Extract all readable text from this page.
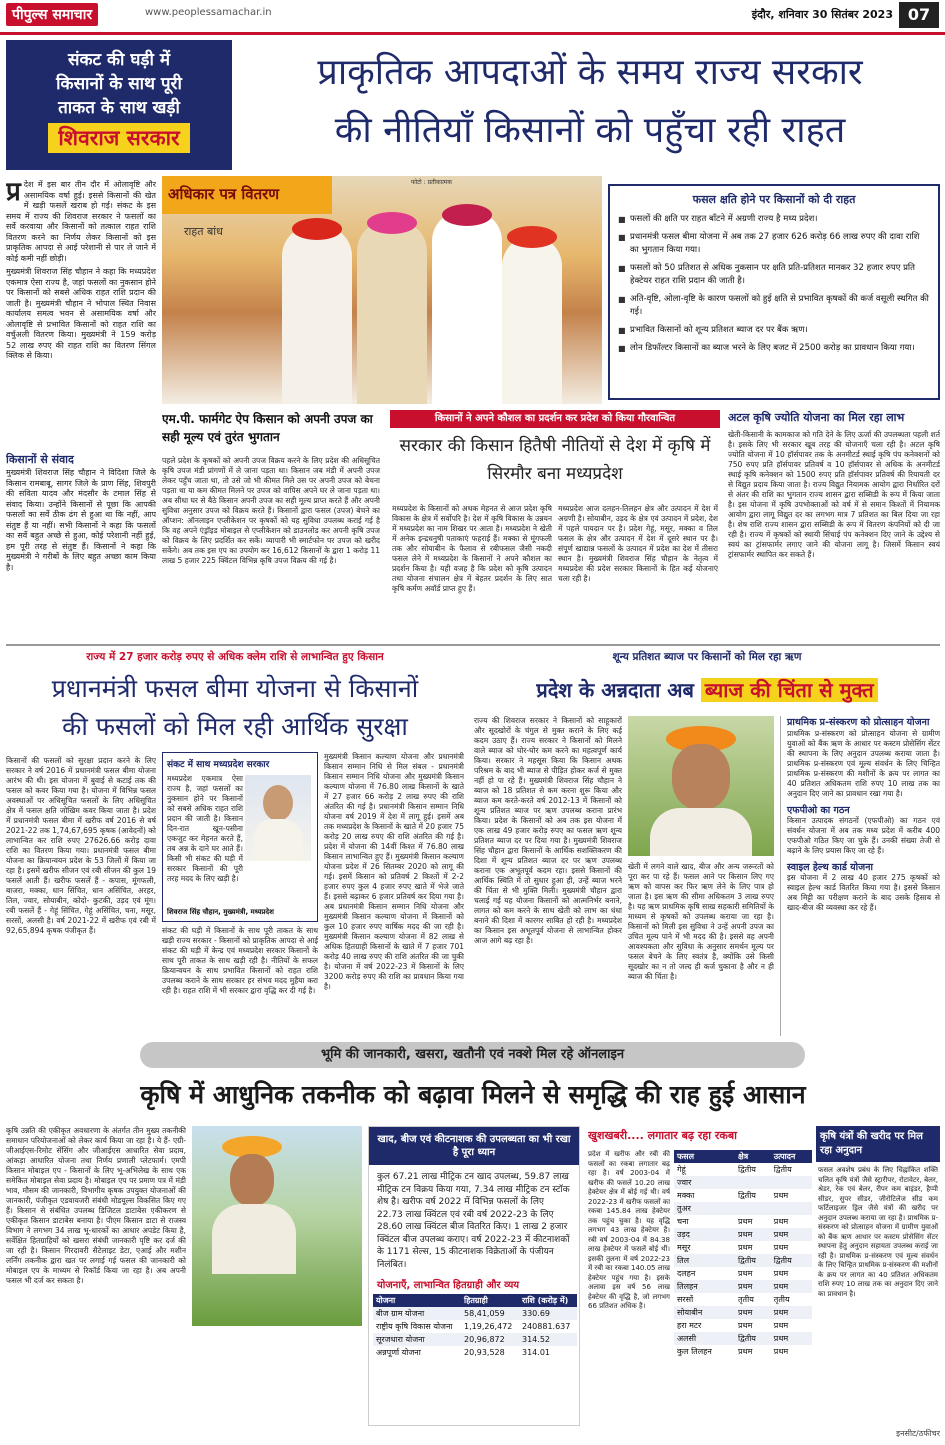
पीपुल्स समाचार	www.peoplessamachar.in	इंदौर, शनिवार 30 सितंबर 2023 07
संकट की घड़ी में
किसानों के साथ पूरी
ताकत के साथ खड़ी
शिवराज सरकार
प्राकृतिक आपदाओं के समय राज्य सरकार
की नीतियाँ किसानों को पहुँचा रही राहत

प्र देश में इस बार तीन दौर में ओलावृष्टि और असामयिक वर्षा हुई। इससे किसानों की खेत में खड़ी फसलें खराब हो गई। संकट के इस समय में राज्य की शिवराज सरकार ने फसलों का सर्वे करवाया और किसानों को तत्काल राहत राशि वितरण करने का निर्णय लेकर किसानों को इस प्राकृतिक आपदा से आई परेशानी से पार ले जाने में कोई कमी नहीं छोड़ी।

मुख्यमंत्री शिवराज सिंह चौहान ने कहा कि मध्यप्रदेश एकमात्र ऐसा राज्य है, जहां फसलों का नुकसान होने पर किसानों को सबसे अधिक राहत राशि प्रदान की जाती है। मुख्यमंत्री चौहान ने भोपाल स्थित निवास कार्यालय समत्व भवन से असामयिक वर्षा और ओलावृष्टि से प्रभावित किसानों को राहत राशि का वर्चुअली वितरण किया। मुख्यमंत्री ने 159 करोड़ 52 लाख रुपए की राहत राशि का वितरण सिंगल क्लिक से किया।

किसानों से संवाद
मुख्यमंत्री शिवराज सिंह चौहान ने विदिशा जिले के किसान रामबाबू, सागर जिले के प्राण सिंह, शिवपुरी की सविता यादव और मंदसौर के टमाल सिंह से संवाद किया। उन्होंने किसानों से पूछा कि आपकी फसलों का सर्वे ठीक ढंग से हुआ था कि नहीं, आप संतुष्ट हैं या नहीं। सभी किसानों ने कहा कि फसलों का सर्वे बहुत अच्छे से हुआ, कोई परेशानी नहीं हुई, हम पूरी तरह से संतुष्ट हैं। किसानों ने कहा कि मुख्यमंत्री ने गरीबों के लिए बहुत अच्छा काम किया है।
अधिकार पत्र वितरण
राहत बांध
फोटो : प्रतीकात्मक
फसल क्षति होने पर किसानों को दी राहत
■ फसलों की क्षति पर राहत बाँटने में अग्रणी राज्य है मध्य प्रदेश।
■ प्रधानमंत्री फसल बीमा योजना में अब तक 27 हजार 626 करोड़ 66 लाख रुपए की दावा राशि का भुगतान किया गया।
■ फसलों को 50 प्रतिशत से अधिक नुकसान पर क्षति प्रति-प्रतिशत मानकर 32 हजार रुपए प्रति हेक्टेयर राहत राशि प्रदान की जाती है।
■ अति-वृष्टि, ओला-वृष्टि के कारण फसलों को हुई क्षति से प्रभावित कृषकों की कर्ज वसूली स्थगित की गई।
■ प्रभावित किसानों को शून्य प्रतिशत ब्याज दर पर बैंक ऋण।
■ लोन डिफॉल्टर किसानों का ब्याज भरने के लिए बजट में 2500 करोड़ का प्रावधान किया गया।
एम.पी. फार्मगेट ऐप किसान को अपनी उपज का सही मूल्य एवं तुरंत भुगतान
पहले प्रदेश के कृषकों को अपनी उपज विक्रय करने के लिए प्रदेश की अधिसूचित कृषि उपज मंडी प्रांगणों में ले जाना पड़ता था। किसान जब मंडी में अपनी उपज लेकर पहुँच जाता था, तो उसे जो भी कीमत मिले उस पर अपनी उपज को बेचना पड़ता था या कम कीमत मिलने पर उपज को वापिस अपने घर ले जाना पड़ता था। अब सीधा घर से बैठे किसान अपनी उपज का सही मूल्य प्राप्त करते हैं और अपनी सुविधा अनुसार उपज को विक्रय करते हैं। किसानों द्वारा फसल (उपज) बेचने का ऑप्शन: ऑनलाइन एप्लीकेशन पर कृषकों को यह सुविधा उपलब्ध कराई गई है कि वह अपने एंड्रॉइड मोबाइल से एप्लीकेशन को डाउनलोड कर अपनी कृषि उपज को विक्रय के लिए प्रदर्शित कर सकें। व्यापारी भी स्मार्टफोन पर उपज को खरीद सकेंगे। अब तक इस एप का उपयोग कर 16,612 किसानों के द्वारा 1 करोड़ 11 लाख 5 हजार 225 क्विंटल विभिन्न कृषि उपज विक्रय की गई है।
किसानों ने अपने कौशल का प्रदर्शन कर प्रदेश को किया गौरवान्वित
सरकार की किसान हितैषी नीतियों से देश में कृषि में सिरमौर बना मध्यप्रदेश
मध्यप्रदेश के किसानों को अथक मेहनत से आज प्रदेश कृषि विकास के क्षेत्र में सर्वोपरि है। देश में कृषि विकास के उन्नयन में मध्यप्रदेश का नाम शिखर पर आता है। मध्यप्रदेश ने खेती में अनेक इन्द्रधनुषी पताकाएं फहराई हैं। मक्का से मूंगफली तक और सोयाबीन के फैलाव से रबीफसल जैसी नकदी फसल लेने में मध्यप्रदेश के किसानों ने अपने कौशल का प्रदर्शन किया है। यही वजह है कि प्रदेश को कृषि उत्पादन तथा योजना संचालन क्षेत्र में बेहतर प्रदर्शन के लिए सात कृषि कर्मण अवॉर्ड प्राप्त हुए हैं।
मध्यप्रदेश आज दलहन-तिलहन क्षेत्र और उत्पादन में देश में अग्रणी है। सोयाबीन, उड़द के क्षेत्र एवं उत्पादन में प्रदेश, देश में पहले पायदान पर है। प्रदेश गेहूं, मसूर, मक्का व तिल फसल के क्षेत्र और उत्पादन में देश में दूसरे स्थान पर है। संपूर्ण खाद्यान्न फसलों के उत्पादन में प्रदेश का देश में तीसरा स्थान है। मुख्यमंत्री शिवराज सिंह चौहान के नेतृत्व में मध्यप्रदेश की प्रदेश सरकार किसानों के हित कई योजनाएं चला रही है।
अटल कृषि ज्योति योजना का मिल रहा लाभ
खेती-किसानी के कामकाज को गति देने के लिए ऊर्जा की उपलब्धता पहली शर्त है। इसके लिए भी सरकार खूब तरह की योजनाएँ चला रही है। अटल कृषि ज्योति योजना में 10 हॉर्सपावर तक के अनमीटर्ड स्थाई कृषि पंप कनेक्शनों को 750 रुपए प्रति हॉर्सपावर प्रतिवर्ष व 10 हॉर्सपावर से अधिक के अनमीटर्ड स्थाई कृषि कनेक्शन को 1500 रुपए प्रति हॉर्सपावर प्रतिवर्ष की रियायती दर से विद्युत प्रदाय किया जाता है। राज्य विद्युत नियामक आयोग द्वारा निर्धारित दरों से अंतर की राशि का भुगतान राज्य शासन द्वारा सब्सिडी के रूप में किया जाता है। इस योजना में कृषि उपभोक्ताओं को वर्ष में से समान किश्तों में नियामक आयोग द्वारा लागू विद्युत दर का लगभग मात्र 7 प्रतिशत का बिल दिया जा रहा है। शेष राशि राज्य शासन द्वारा सब्सिडी के रूप में वितरण कंपनियों को दी जा रही है। राज्य में कृषकों को स्थायी सिंचाई पंप कनेक्शन दिए जाने के उद्देश्य से स्वयं का ट्रांसफार्मर लगाए जाने की योजना लागू है। जिसमें किसान स्वयं ट्रांसफार्मर स्थापित कर सकते हैं।
राज्य में 27 हजार करोड़ रुपए से अधिक क्लेम राशि से लाभान्वित हुए किसान
प्रधानमंत्री फसल बीमा योजना से किसानों
की फसलों को मिल रही आर्थिक सुरक्षा
किसानों की फसलों को सुरक्षा प्रदान करने के लिए सरकार ने वर्ष 2016 में प्रधानमंत्री फसल बीमा योजना आरंभ की थी। इस योजना में बुवाई से कटाई तक की फसल को कवर किया गया है। योजना में विभिन्न फसल अवस्थाओं पर अधिसूचित फसलों के लिए अधिसूचित क्षेत्र में फसल क्षति जोखिम कवर किया जाता है। प्रदेश में प्रधानमंत्री फसल बीमा में खरीफ वर्ष 2016 से वर्ष 2021-22 तक 1,74,67,695 कृषक (आवेदनों) को लाभान्वित कर राशि रुपए 27626.66 करोड़ दावा राशि का वितरण किया गया। प्रधानमंत्री फसल बीमा योजना का क्रियान्वयन प्रदेश के 53 जिलों में किया जा रहा है। इसमें खरीफ सीजन एवं रबी सीजन की कुल 19 फसलें आती हैं। खरीफ फसलें हैं - कपास, मूंगफली, बाजरा, मक्का, धान सिंचित, धान असिंचित, अरहर, तिल, ज्वार, सोयाबीन, कोदो- कुटकी, उड़द एवं मूंग। रबी फसलें हैं - गेहूं सिंचित, गेहूं असिंचित, चना, मसूर, सरसों, अलसी है। वर्ष 2021-22 में खरीफ एवं रबी में 92,65,894 कृषक पंजीकृत हैं।
संकट में साथ मध्यप्रदेश सरकार
मध्यप्रदेश एकमात्र ऐसा राज्य है, जहां फसलों का नुकसान होने पर किसानों को सबसे अधिक राहत राशि प्रदान की जाती है। किसान दिन-रात खून-पसीना एकजुट कर मेहनत करते हैं, तब अन्न के दाने घर आते हैं। किसी भी संकट की घड़ी में सरकार किसानों की पूरी तरह मदद के लिए खड़ी है।
शिवराज सिंह चौहान, मुख्यमंत्री, मध्यप्रदेश
संकट की घड़ी में किसानों के साथ पूरी ताकत के साथ खड़ी राज्य सरकार - किसानों को प्राकृतिक आपदा से आई संकट की घड़ी में केन्द्र एवं मध्यप्रदेश सरकार किसानों के साथ पूरी ताकत के साथ खड़ी रही है। नीतियों के सफल क्रियान्वयन के साथ प्रभावित किसानों को राहत राशि उपलब्ध कराने के साथ सरकार हर संभव मदद मुहैया करा रही है। राहत राशि में भी सरकार द्वारा वृद्धि कर दी गई है।
मुख्यमंत्री किसान कल्याण योजना और प्रधानमंत्री किसान सम्मान निधि से मिल संबल - प्रधानमंत्री किसान सम्मान निधि योजना और मुख्यमंत्री किसान कल्याण योजना में 76.80 लाख किसानों के खाते में 27 हजार 66 करोड़ 2 लाख रुपए की राशि अंतरित की गई है। प्रधानमंत्री किसान सम्मान निधि योजना वर्ष 2019 में देश में लागू हुई। इसमें अब तक मध्यप्रदेश के किसानों के खाते में 20 हजार 75 करोड़ 20 लाख रुपए की राशि अंतरित की गई है। प्रदेश में योजना की 14वीं किश्त में 76.80 लाख किसान लाभान्वित हुए हैं। मुख्यमंत्री किसान कल्याण योजना प्रदेश में 26 सितम्बर 2020 को लागू की गई। इसमें किसान को प्रतिवर्ष 2 किश्तों में 2-2 हजार रुपए कुल 4 हजार रुपए खाते में भेजे जाते हैं। इससे बढ़ाकर 6 हजार प्रतिवर्ष कर दिया गया है। अब प्रधानमंत्री किसान सम्मान निधि योजना और मुख्यमंत्री किसान कल्याण योजना में किसानों को कुल 10 हजार रुपए वार्षिक मदद की जा रही है। मुख्यमंत्री किसान कल्याण योजना में 82 लाख से अधिक हितग्राही किसानों के खाते में 7 हजार 701 करोड़ 40 लाख रुपए की राशि अंतरित की जा चुकी है। योजना में वर्ष 2022-23 में किसानों के लिए 3200 करोड़ रुपए की राशि का प्रावधान किया गया है।
शून्य प्रतिशत ब्याज पर किसानों को मिल रहा ऋण
प्रदेश के अन्नदाता अब ब्याज की चिंता से मुक्त
राज्य की शिवराज सरकार ने किसानों को साहूकारों और सूदखोरों के चंगुल से मुक्त कराने के लिए कई कदम उठाए हैं। राज्य सरकार ने किसानों को मिलने वाले ब्याज को घोर-घोर कम करने का महत्वपूर्ण कार्य किया। सरकार ने महसूस किया कि किसान अथक परिश्रम के बाद भी ब्याज से पीड़ित होकर कर्ज से मुक्त नहीं हो पा रहे हैं। मुख्यमंत्री शिवराज सिंह चौहान ने ब्याज को 18 प्रतिशत से कम करना शुरू किया और ब्याज कम करते-करते वर्ष 2012-13 में किसानों को शून्य प्रतिशत ब्याज पर ऋण उपलब्ध कराना प्रारंभ किया। प्रदेश के किसानों को अब तक इस योजना में एक लाख 49 हजार करोड़ रुपए का फसल ऋण शून्य प्रतिशत ब्याज दर पर दिया गया है। मुख्यमंत्री शिवराज सिंह चौहान द्वारा किसानों के आर्थिक सशक्तिकरण की दिशा में शून्य प्रतिशत ब्याज दर पर ऋण उपलब्ध कराना एक अभूतपूर्व कदम रहा। इससे किसानों की आर्थिक स्थिति में तो सुधार हुआ ही, उन्हें ब्याज भरने की चिंता से भी मुक्ति मिली। मुख्यमंत्री चौहान द्वारा चलाई गई यह योजना किसानों को आत्मनिर्भर बनाने, लागत को कम करने के साथ खेती को लाभ का धंधा बनाने की दिशा में कारगर साबित हो रही है। मध्यप्रदेश का किसान इस अभूतपूर्व योजना से लाभान्वित होकर आज आगे बढ़ रहा है।
खेती में लगने वाले खाद, बीज और अन्य जरूरतों को पूरा कर पा रहे हैं। फसल आने पर किसान लिए गए ऋण को वापस कर फिर ऋण लेने के लिए पात्र हो जाता है। इस ऋण की सीमा अधिकतम 3 लाख रुपए है। यह ऋण प्राथमिक कृषि साख सहकारी समितियों के माध्यम से कृषकों को उपलब्ध कराया जा रहा है। किसानों को मिली इस सुविधा ने उन्हें अपनी उपज का उचित मूल्य पाने में भी मदद की है। इससे वह अपनी आवश्यकता और सुविधा के अनुसार समर्थन मूल्य पर फसल बेचने के लिए स्वतंत्र है, क्योंकि उसे किसी सूदखोर का न तो जल्द ही कर्ज चुकाना है और न ही ब्याज की चिंता है।
प्राथमिक प्र-संस्करण को प्रोत्साहन योजना
प्राथमिक प्र-संस्करण को प्रोत्साहन योजना से ग्रामीण युवाओं को बैंक ऋण के आधार पर कस्टम प्रोसेसिंग सेंटर की स्थापना के लिए अनुदान उपलब्ध कराया जाता है। प्राथमिक प्र-संस्करण एवं मूल्य संवर्धन के लिए चिन्हित प्राथमिक प्र-संस्करण की मशीनों के क्रय पर लागत का 40 प्रतिशत अधिकतम राशि रुपए 10 लाख तक का अनुदान दिए जाने का प्रावधान रखा गया है।
एफपीओ का गठन
किसान उत्पादक संगठनों (एफपीओ) का गठन एवं संवर्धन योजना में अब तक मध्य प्रदेश में करीब 400 एफपीओ गठित किए जा चुके हैं। उनकी संख्या तेजी से बढ़ाने के लिए प्रयास किए जा रहे हैं।
स्वाइल हेल्थ कार्ड योजना
इस योजना में 2 लाख 40 हजार 275 कृषकों को स्वाइल हेल्थ कार्ड वितरित किया गया है। इससे किसान अब मिट्टी का परीक्षण कराने के बाद उसके हिसाब से खाद-बीज की व्यवस्था कर रहे हैं।
भूमि की जानकारी, खसरा, खतौनी एवं नक्शे मिल रहे ऑनलाइन
कृषि में आधुनिक तकनीक को बढ़ावा मिलने से समृद्धि की राह हुई आसान
कृषि उन्नति की एकीकृत अवधारणा के अंतर्गत तीन मुख्य तकनीकी समाधान परियोजनाओं को लेकर कार्य किया जा रहा है। ये हैं- एग्री-जीआईएस-रिमोट सेंसिंग और जीआईएस आधारित सेवा प्रदाय, आंकड़ा आधारित योजना तथा निर्णय प्रणाली प्लेटफार्म। एमपी किसान मोबाइल एप - किसानों के लिए भू-अभिलेख के साथ एक समेकित मोबाइल सेवा प्रदाय है। मोबाइल एप पर प्रमाण पत्र में मंडी भाव, मौसम की जानकारी, विभागीय कृषक उपयुक्त योजनाओं की जानकारी, पंजीकृत एडवायजरी संबंधी मोडयूल्स विकसित किए गए हैं। किसान से संबंधित उपलब्ध डिजिटल डाटाबेस एकीकरण से एकीकृत किसान डाटाबेस बनाया है। पीएम किसान डाटा से राजस्व विभाग ने लगभग 34 लाख भू-धारकों का आधार अपडेट किया है, सर्वेक्षित हितग्राहियों को खसरा संबंधी जानकारी पृष्टि कर दर्ज की जा रही है। किसान गिरदावरी सैटेलाइट डेटा, एआई और मशीन लर्निंग तकनीक द्वारा खत पर लगाई गई फसल की जानकारी को मोबाइल एप के माध्यम से रिकॉर्ड किया जा रहा है। अब अपनी फसल भी दर्ज कर सकता है।
खाद, बीज एवं कीटनाशक की उपलब्धता का भी रखा है पूरा ध्यान
कुल 67.21 लाख मीट्रिक टन खाद उपलब्ध, 59.87 लाख मीट्रिक टन विक्रय किया गया, 7.34 लाख मीट्रिक टन स्टॉक शेष है। खरीफ वर्ष 2022 में विभिन्न फसलों के लिए 22.73 लाख क्विंटल एवं रबी वर्ष 2022-23 के लिए 28.60 लाख क्विंटल बीज वितरित किए। 1 लाख 2 हजार क्विंटल बीज उपलब्ध कराए। वर्ष 2022-23 में कीटनाशकों के 1171 सेल्स, 15 कीटनाशक विक्रेताओं के पंजीयन निलंबित।
योजनाएँ, लाभान्वित हितग्राही और व्यय
योजना	हितग्राही	राशि (करोड़ में)
बीज ग्राम योजना	58,41,059	330.69
राष्ट्रीय कृषि विकास योजना	1,19,26,472	240881.637
सूरजधारा योजना	20,96,872	314.52
अन्नपूर्णा योजना	20,93,528	314.01
खुशखबरी.... लगातार बढ़ रहा रकबा
प्रदेश में खरीफ और रबी की फसलों का रकबा लगातार बढ़ रहा है। वर्ष 2003-04 में खरीफ की फसलें 10.20 लाख हेक्टेयर क्षेत्र में बोई गई थी। वर्ष 2022-23 में खरीफ फसलों का रकबा 145.84 लाख हेक्टेयर तक पहुंच चुका है। यह वृद्धि लगभग 43 लाख हेक्टेयर है। रबी वर्ष 2003-04 में 84.38 लाख हेक्टेयर में फसलें बोई थीं। इसकी तुलना में वर्ष 2022-23 में रबी का रकबा 140.05 लाख हेक्टेयर पहुंच गया है। इसके अलावा इस वर्ष 56 लाख हेक्टेयर की वृद्धि है, जो लगभग 66 प्रतिशत अधिक है।
फसल	क्षेत्र	उत्पादन
गेहूं	द्वितीय	द्वितीय
ज्वार		
मक्का	द्वितीय	प्रथम
तुअर		
चना	प्रथम	प्रथम
उड़द	प्रथम	प्रथम
मसूर	प्रथम	प्रथम
तिल	द्वितीय	द्वितीय
दलहन	प्रथम	प्रथम
तिलहन	प्रथम	प्रथम
सरसों	तृतीय	तृतीय
सोयाबीन	प्रथम	प्रथम
हरा मटर	प्रथम	प्रथम
अलसी	द्वितीय	प्रथम
कुल तिलहन	प्रथम	प्रथम
कृषि यंत्रों की खरीद पर मिल रहा अनुदान
फसल अवशेष प्रबंध के लिए चिह्नांकित शक्ति चलित कृषि यंत्रों जैसे स्ट्रारीपर, रोटावेटर, बेलर, श्रेडर, रेक एवं बेलर, रीपर कम बाइंडर, हैप्पी सीडर, सुपर सीडर, जीरोटिलेज सीड कम फर्टिलाइजर ड्रिल जैसे यंत्रों की खरीद पर अनुदान उपलब्ध कराया जा रहा है। प्राथमिक प्र-संस्करण को प्रोत्साहन योजना में ग्रामीण युवाओं को बैंक ऋण आधार पर कस्टम प्रोसेसिंग सेंटर स्थापना हेतु अनुदान सहायता उपलब्ध कराई जा रही है। प्राथमिक प्र-संस्करण एवं मूल्य संवर्धन के लिए चिन्हित प्राथमिक प्र-संस्करण की मशीनों के क्रय पर लागत का 40 प्रतिशत अधिकतम राशि रुपए 10 लाख तक का अनुदान दिए जाने का प्रावधान है।
इनसीट/ठफीचर
